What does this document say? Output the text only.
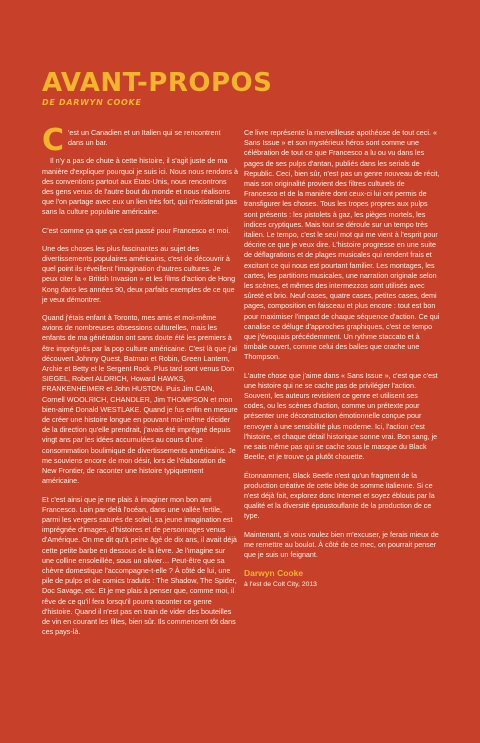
AVANT-PROPOS
DE DARWYN COOKE

C 'est un Canadien et un Italien qui se rencontrent dans un bar.

Il n'y a pas de chute à cette histoire, il s'agit juste de ma manière d'expliquer pourquoi je suis ici. Nous nous rendons à des conventions partout aux États-Unis, nous rencontrons des gens venus de l'autre bout du monde et nous réalisons que l'on partage avec eux un lien très fort, qui n'existerait pas sans la culture populaire américaine.

C'est comme ça que ça c'est passé pour Francesco et moi.

Une des choses les plus fascinantes au sujet des divertissements populaires américains, c'est de découvrir à quel point ils réveillent l'imagination d'autres cultures. Je peux citer la « British Invasion » et les films d'action de Hong Kong dans les années 90, deux parfaits exemples de ce que je veux démontrer.

Quand j'étais enfant à Toronto, mes amis et moi-même avions de nombreuses obsessions culturelles, mais les enfants de ma génération ont sans doute été les premiers à être imprégnés par la pop culture américaine. C'est là que j'ai découvert Johnny Quest, Batman et Robin, Green Lantern, Archie et Betty et le Sergent Rock. Plus tard sont venus Don SIEGEL, Robert ALDRICH, Howard HAWKS, FRANKENHEIMER et John HUSTON. Puis Jim CAIN, Cornell WOOLRICH, CHANDLER, Jim THOMPSON et mon bien-aimé Donald WESTLAKE. Quand je fus enfin en mesure de créer une histoire longue en pouvant moi-même décider de la direction qu'elle prendrait, j'avais été imprégné depuis vingt ans par les idées accumulées au cours d'une consommation boulimique de divertissements américains. Je me souviens encore de mon désir, lors de l'élaboration de New Frontier, de raconter une histoire typiquement américaine.

Et c'est ainsi que je me plais à imaginer mon bon ami Francesco. Loin par-delà l'océan, dans une vallée fertile, parmi les vergers saturés de soleil, sa jeune imagination est imprégnée d'images, d'histoires et de personnages venus d'Amérique. On me dit qu'à peine âgé de dix ans, il avait déjà cette petite barbe en dessous de la lèvre. Je l'imagine sur une colline ensoleillée, sous un olivier… Peut-être que sa chèvre domestique l'accompagne-t-elle ? À côté de lui, une pile de pulps et de comics traduits : The Shadow, The Spider, Doc Savage, etc. Et je me plais à penser que, comme moi, il rêve de ce qu'il fera lorsqu'il pourra raconter ce genre d'histoire. Quand il n'est pas en train de vider des bouteilles de vin en courant les filles, bien sûr. Ils commencent tôt dans ces pays-là.

Ce livre représente la merveilleuse apothéose de tout ceci. « Sans Issue » et son mystérieux héros sont comme une célébration de tout ce que Francesco a lu ou vu dans les pages de ses pulps d'antan, publiés dans les serials de Republic. Ceci, bien sûr, n'est pas un genre nouveau de récit, mais son originalité provient des filtres culturels de Francesco et de la manière dont ceux-ci lui ont permis de transfigurer les choses. Tous les tropes propres aux pulps sont présents : les pistolets à gaz, les pièges mortels, les indices cryptiques. Mais tout se déroule sur un tempo très italien. Le tempo, c'est le seul mot qui me vient à l'esprit pour décrire ce que je veux dire. L'histoire progresse en une suite de déflagrations et de plages musicales qui rendent frais et excitant ce qui nous est pourtant familier. Les montages, les cartes, les partitions musicales, une narration originale selon les scènes, et mêmes des intermezzos sont utilisés avec sûreté et brio. Neuf cases, quatre cases, petites cases, demi pages, composition en faisceau et plus encore : tout est bon pour maximiser l'impact de chaque séquence d'action. Ce qui canalise ce déluge d'approches graphiques, c'est ce tempo que j'évoquais précédemment. Un rythme staccato et à timbale ouvert, comme celui des balles que crache une Thompson.

L'autre chose que j'aime dans « Sans Issue », c'est que c'est une histoire qui ne se cache pas de privilégier l'action. Souvent, les auteurs revisitent ce genre et utilisent ses codes, ou les scènes d'action, comme un prétexte pour présenter une déconstruction émotionnelle conçue pour renvoyer à une sensibilité plus moderne. Ici, l'action c'est l'histoire, et chaque détail historique sonne vrai. Bon sang, je ne sais même pas qui se cache sous le masque du Black Beetle, et je trouve ça plutôt chouette.

Étonnamment, Black Beetle n'est qu'un fragment de la production créative de cette bête de somme italienne. Si ce n'est déjà fait, explorez donc Internet et soyez éblouis par la qualité et la diversité époustouflante de la production de ce type.

Maintenant, si vous voulez bien m'excuser, je ferais mieux de me remettre au boulot. À côté de ce mec, on pourrait penser que je suis un feignant.

Darwyn Cooke
à l'est de Colt City, 2013
